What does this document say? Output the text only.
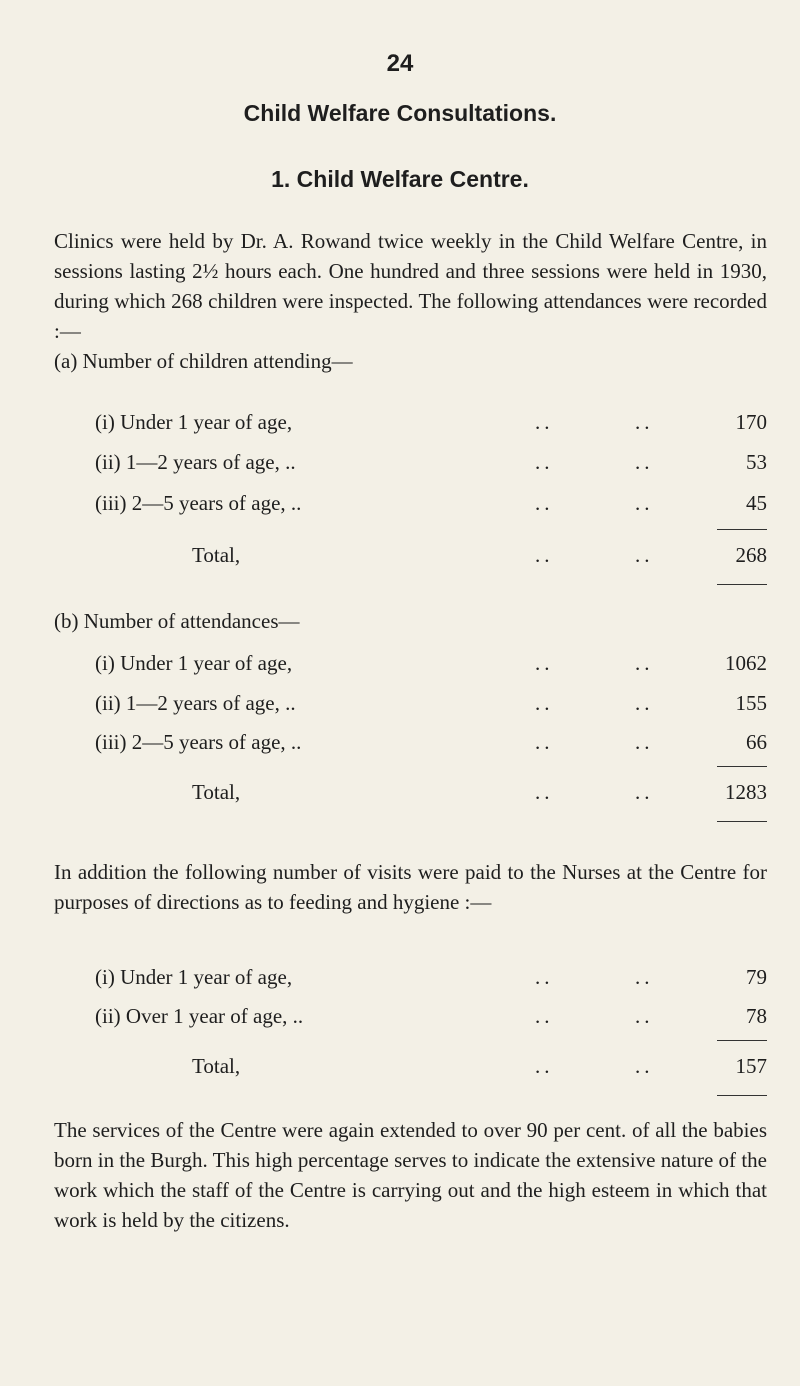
24
Child Welfare Consultations.
1. Child Welfare Centre.

Clinics were held by Dr. A. Rowand twice weekly in the Child Welfare Centre, in sessions lasting 2½ hours each. One hundred and three sessions were held in 1930, during which 268 children were inspected. The following attendances were recorded :—

(a) Number of children attending—
(i) Under 1 year of age,	..	..	170
(ii) 1—2 years of age, ..	..	..	53
(iii) 2—5 years of age, ..	..	..	45
Total,	..	..	268
(b) Number of attendances—
(i) Under 1 year of age,	..	..	1062
(ii) 1—2 years of age, ..	..	..	155
(iii) 2—5 years of age, ..	..	..	66
Total,	..	..	1283

In addition the following number of visits were paid to the Nurses at the Centre for purposes of directions as to feeding and hygiene :—

(i) Under 1 year of age,	..	..	79
(ii) Over 1 year of age, ..	..	..	78
Total,	..	..	157

The services of the Centre were again extended to over 90 per cent. of all the babies born in the Burgh. This high percentage serves to indicate the extensive nature of the work which the staff of the Centre is carrying out and the high esteem in which that work is held by the citizens.
